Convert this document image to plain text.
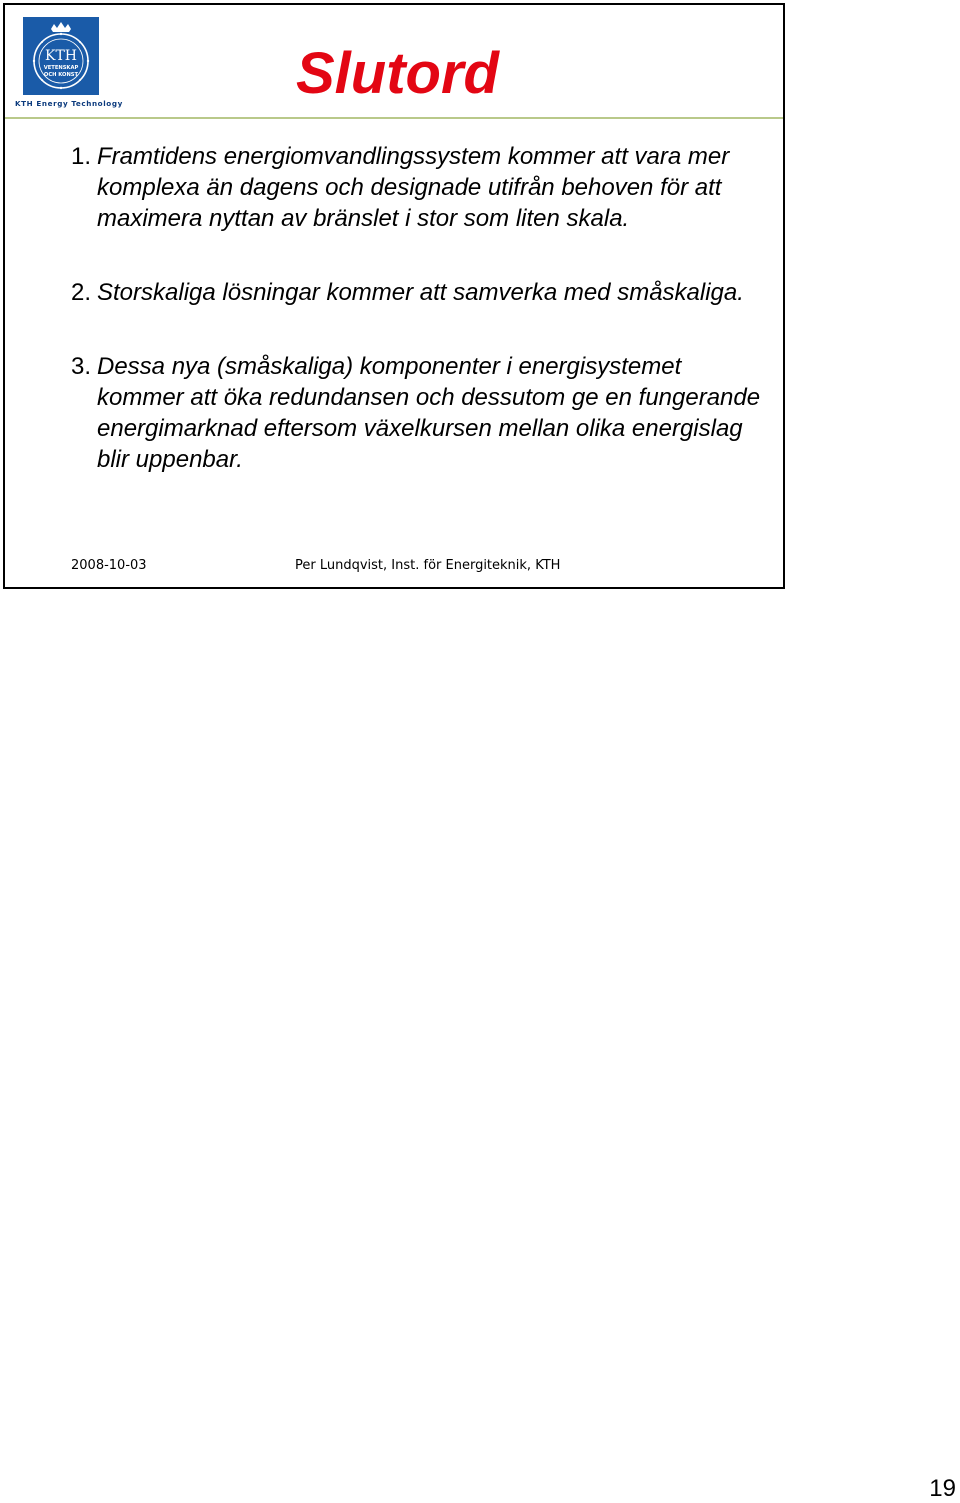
KTH
VETENSKAP
OCH KONST
KTH Energy Technology	Slutord
1. Framtidens energiomvandlingssystem kommer att vara mer komplexa än dagens och designade utifrån behoven för att maximera nyttan av bränslet i stor som liten skala.
2. Storskaliga lösningar kommer att samverka med småskaliga.
3. Dessa nya (småskaliga) komponenter i energisystemet kommer att öka redundansen och dessutom ge en fungerande energimarknad eftersom växelkursen mellan olika energislag blir uppenbar.
2008-10-03	Per Lundqvist, Inst. för Energiteknik, KTH
19
